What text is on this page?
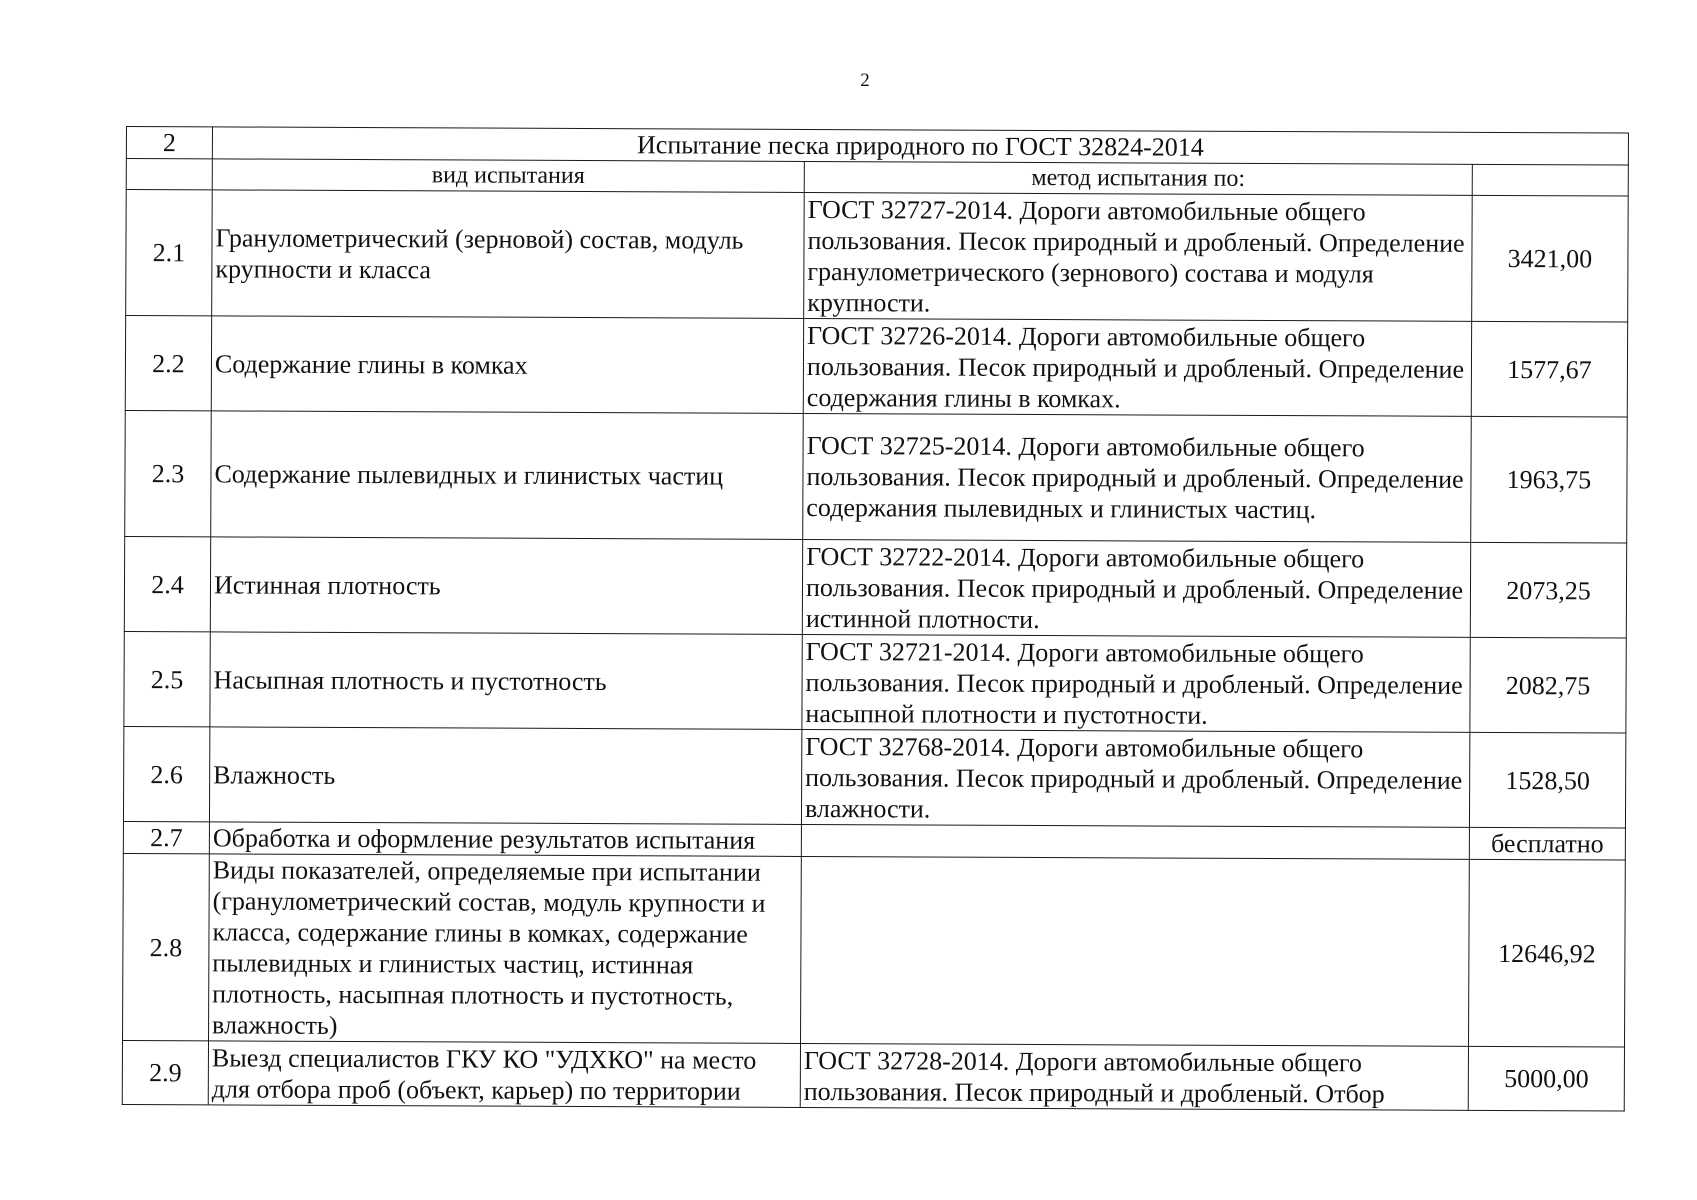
2
2	Испытание песка природного по ГОСТ 32824-2014		
	вид испытания	метод испытания по:	
2.1	Гранулометрический (зерновой) состав, модуль крупности и класса	ГОСТ 32727-2014. Дороги автомобильные общего пользования. Песок природный и дробленый. Определение гранулометрического (зернового) состава и модуля крупности.	3421,00
2.2	Содержание глины в комках	ГОСТ 32726-2014. Дороги автомобильные общего пользования. Песок природный и дробленый. Определение содержания глины в комках.	1577,67
2.3	Содержание пылевидных и глинистых частиц	ГОСТ 32725-2014. Дороги автомобильные общего пользования. Песок природный и дробленый. Определение содержания пылевидных и глинистых частиц.	1963,75
2.4	Истинная плотность	ГОСТ 32722-2014. Дороги автомобильные общего пользования. Песок природный и дробленый. Определение истинной плотности.	2073,25
2.5	Насыпная плотность и пустотность	ГОСТ 32721-2014. Дороги автомобильные общего пользования. Песок природный и дробленый. Определение насыпной плотности и пустотности.	2082,75
2.6	Влажность	ГОСТ 32768-2014. Дороги автомобильные общего пользования. Песок природный и дробленый. Определение влажности.	1528,50
2.7	Обработка и оформление результатов испытания		бесплатно
2.8	Виды показателей, определяемые при испытании (гранулометрический состав, модуль крупности и класса, содержание глины в комках, содержание пылевидных и глинистых частиц, истинная плотность, насыпная плотность и пустотность, влажность)		12646,92
2.9	Выезд специалистов ГКУ КО "УДХКО" на место для отбора проб (объект, карьер) по территории	ГОСТ 32728-2014. Дороги автомобильные общего пользования. Песок природный и дробленый. Отбор	5000,00
